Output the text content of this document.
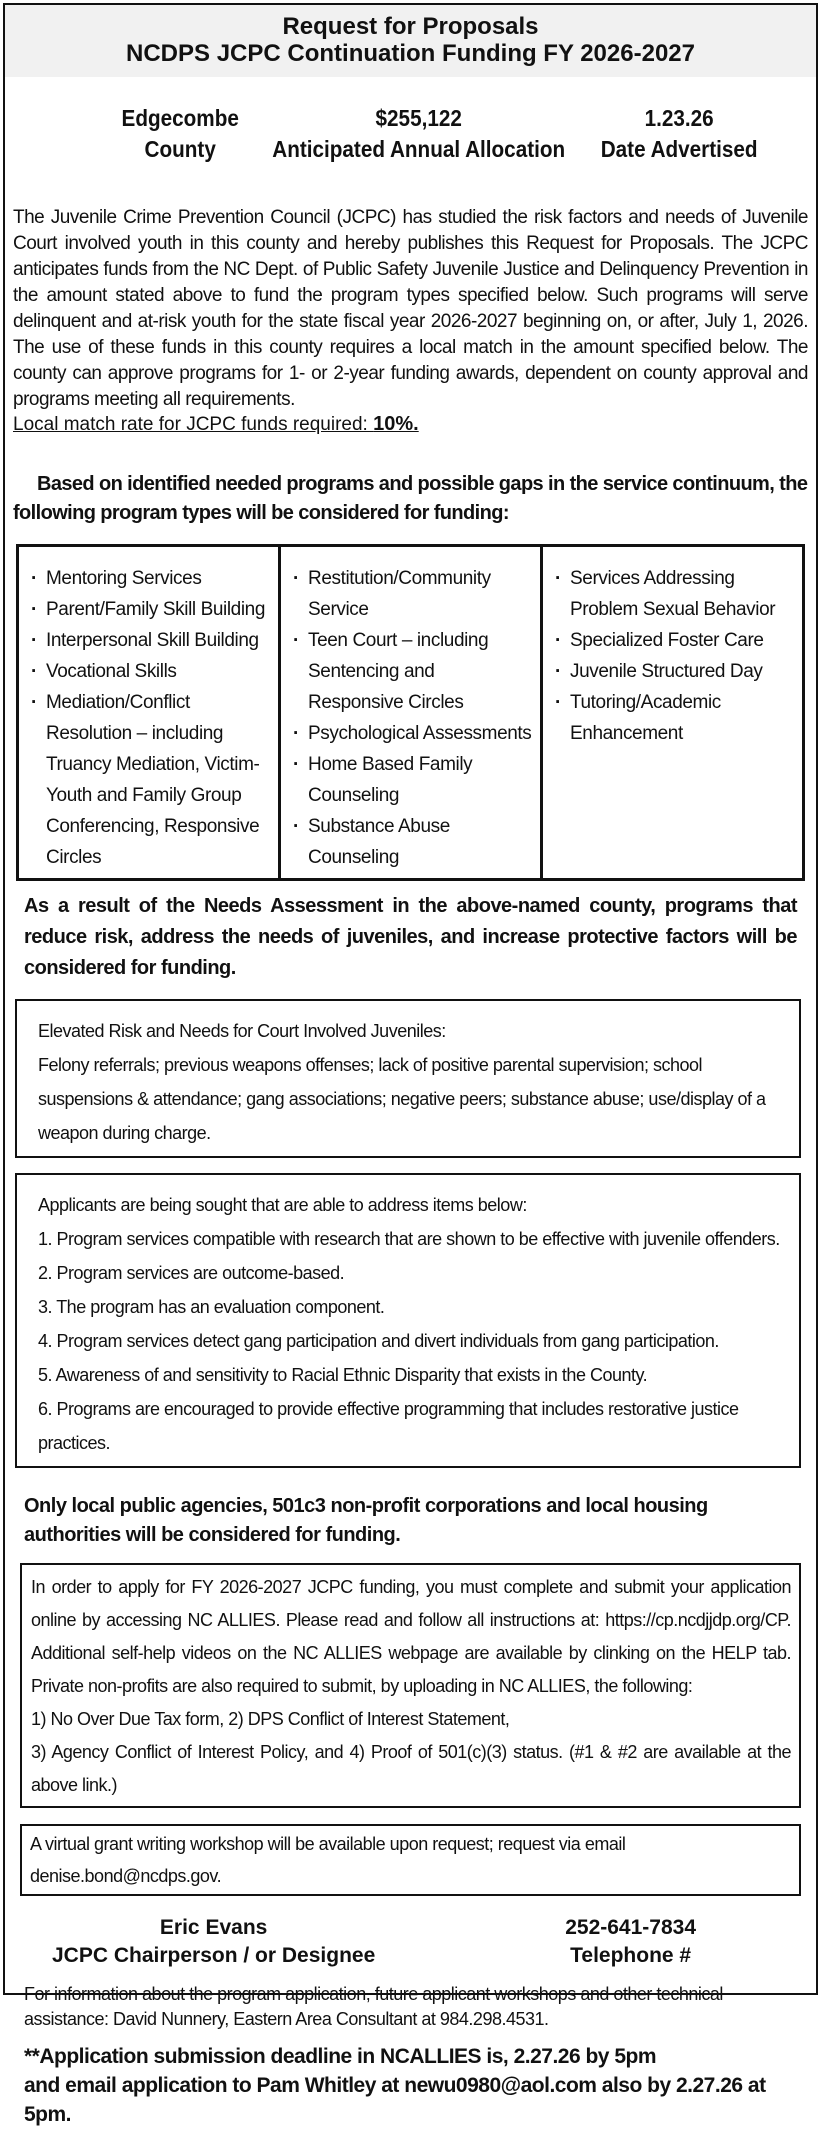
Request for Proposals
NCDPS JCPC Continuation Funding FY 2026-2027
Edgecombe
County
$255,122
Anticipated Annual Allocation
1.23.26
Date Advertised

The Juvenile Crime Prevention Council (JCPC) has studied the risk factors and needs of Juvenile Court involved youth in this county and hereby publishes this Request for Proposals. The JCPC anticipates funds from the NC Dept. of Public Safety Juvenile Justice and Delinquency Prevention in the amount stated above to fund the program types specified below. Such programs will serve delinquent and at-risk youth for the state fiscal year 2026-2027 beginning on, or after, July 1, 2026. The use of these funds in this county requires a local match in the amount specified below. The county can approve programs for 1- or 2-year funding awards, dependent on county approval and programs meeting all requirements.

Local match rate for JCPC funds required: 10%.
Based on identified needed programs and possible gaps in the service continuum, the following program types will be considered for funding:
· Mentoring Services
· Parent/Family Skill Building
· Interpersonal Skill Building
· Vocational Skills
· Mediation/Conflict Resolution – including Truancy Mediation, Victim-Youth and Family Group Conferencing, Responsive Circles
· Restitution/Community Service
· Teen Court – including Sentencing and Responsive Circles
· Psychological Assessments
· Home Based Family Counseling
· Substance Abuse Counseling
· Services Addressing Problem Sexual Behavior
· Specialized Foster Care
· Juvenile Structured Day
· Tutoring/Academic Enhancement
As a result of the Needs Assessment in the above-named county, programs that reduce risk, address the needs of juveniles, and increase protective factors will be considered for funding.
Elevated Risk and Needs for Court Involved Juveniles:
Felony referrals; previous weapons offenses; lack of positive parental supervision; school suspensions & attendance; gang associations; negative peers; substance abuse; use/display of a weapon during charge.
Applicants are being sought that are able to address items below:
1. Program services compatible with research that are shown to be effective with juvenile offenders.
2. Program services are outcome-based.
3. The program has an evaluation component.
4. Program services detect gang participation and divert individuals from gang participation.
5. Awareness of and sensitivity to Racial Ethnic Disparity that exists in the County.
6. Programs are encouraged to provide effective programming that includes restorative justice practices.
Only local public agencies, 501c3 non-profit corporations and local housing authorities will be considered for funding.
In order to apply for FY 2026-2027 JCPC funding, you must complete and submit your application online by accessing NC ALLIES. Please read and follow all instructions at: https://cp.ncdjjdp.org/CP. Additional self-help videos on the NC ALLIES webpage are available by clinking on the HELP tab. Private non-profits are also required to submit, by uploading in NC ALLIES, the following:
1) No Over Due Tax form, 2) DPS Conflict of Interest Statement,
3) Agency Conflict of Interest Policy, and 4) Proof of 501(c)(3) status. (#1 & #2 are available at the above link.)
A virtual grant writing workshop will be available upon request; request via email denise.bond@ncdps.gov.
Eric Evans
JCPC Chairperson / or Designee
252-641-7834
Telephone #
For information about the program application, future applicant workshops and other technical assistance: David Nunnery, Eastern Area Consultant at 984.298.4531.
**Application submission deadline in NCALLIES is, 2.27.26 by 5pm
and email application to Pam Whitley at newu0980@aol.com also by 2.27.26 at 5pm.
